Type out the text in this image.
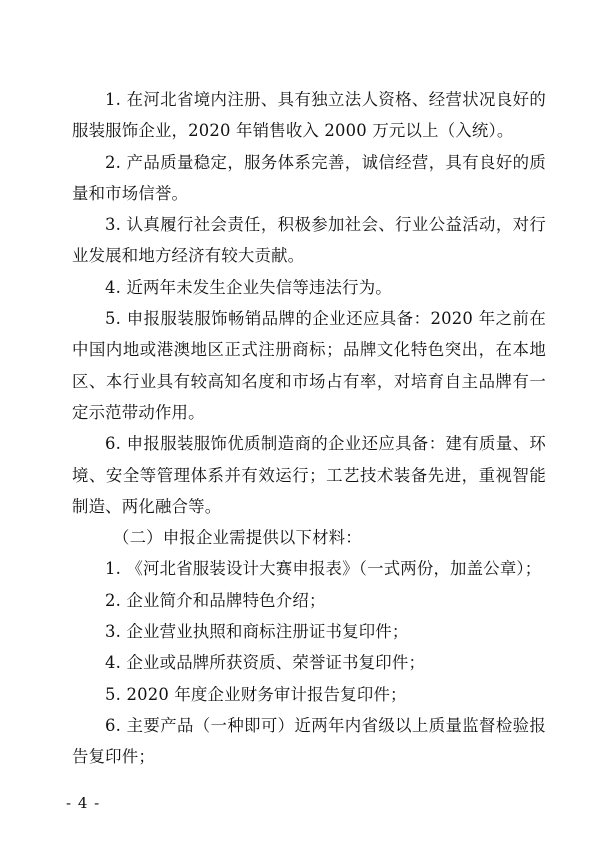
1. 在河北省境内注册、具有独立法人资格、经营状况良好的服装服饰企业，2020 年销售收入 2000 万元以上（入统）。

2. 产品质量稳定，服务体系完善，诚信经营，具有良好的质量和市场信誉。

3. 认真履行社会责任，积极参加社会、行业公益活动，对行业发展和地方经济有较大贡献。

4. 近两年未发生企业失信等违法行为。

5. 申报服装服饰畅销品牌的企业还应具备：2020 年之前在中国内地或港澳地区正式注册商标；品牌文化特色突出，在本地区、本行业具有较高知名度和市场占有率，对培育自主品牌有一定示范带动作用。

6. 申报服装服饰优质制造商的企业还应具备：建有质量、环境、安全等管理体系并有效运行；工艺技术装备先进，重视智能制造、两化融合等。

（二）申报企业需提供以下材料：

1. 《河北省服装设计大赛申报表》（一式两份，加盖公章）；

2. 企业简介和品牌特色介绍；

3. 企业营业执照和商标注册证书复印件；

4. 企业或品牌所获资质、荣誉证书复印件；

5. 2020 年度企业财务审计报告复印件；

6. 主要产品（一种即可）近两年内省级以上质量监督检验报告复印件；

- 4 -
